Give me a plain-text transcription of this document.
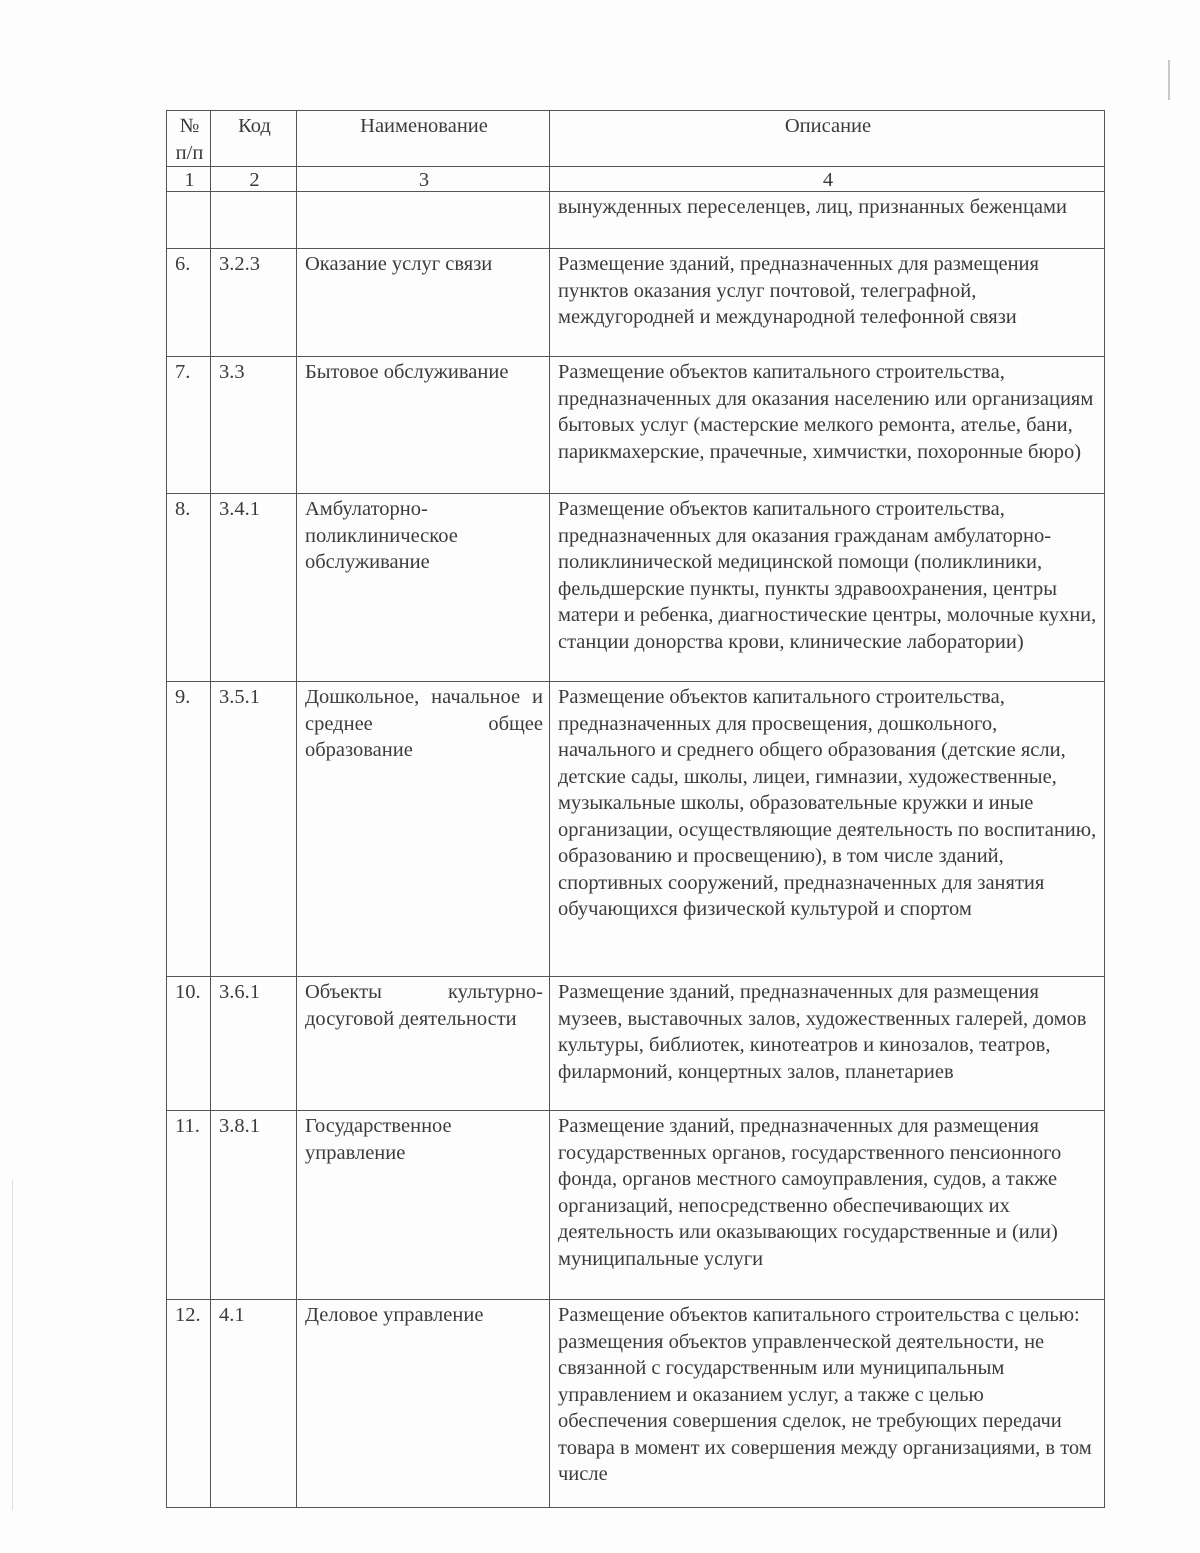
№ п/п	Код	Наименование	Описание
1	2	3	4
			вынужденных переселенцев, лиц, признанных беженцами
6.	3.2.3	Оказание услуг связи	Размещение зданий, предназначенных для размещения пунктов оказания услуг почтовой, телеграфной, междугородней и международной телефонной связи
7.	3.3	Бытовое обслуживание	Размещение объектов капитального строительства, предназначенных для оказания населению или организациям бытовых услуг (мастерские мелкого ремонта, ателье, бани, парикмахерские, прачечные, химчистки, похоронные бюро)
8.	3.4.1	Амбулаторно-поликлиническое обслуживание	Размещение объектов капитального строительства, предназначенных для оказания гражданам амбулаторно-поликлинической медицинской помощи (поликлиники, фельдшерские пункты, пункты здравоохранения, центры матери и ребенка, диагностические центры, молочные кухни, станции донорства крови, клинические лаборатории)
9.	3.5.1	Дошкольное, начальное и среднее общее образование	Размещение объектов капитального строительства, предназначенных для просвещения, дошкольного, начального и среднего общего образования (детские ясли, детские сады, школы, лицеи, гимназии, художественные, музыкальные школы, образовательные кружки и иные организации, осуществляющие деятельность по воспитанию, образованию и просвещению), в том числе зданий, спортивных сооружений, предназначенных для занятия обучающихся физической культурой и спортом
10.	3.6.1	Объекты культурно-досуговой деятельности	Размещение зданий, предназначенных для размещения музеев, выставочных залов, художественных галерей, домов культуры, библиотек, кинотеатров и кинозалов, театров, филармоний, концертных залов, планетариев
11.	3.8.1	Государственное управление	Размещение зданий, предназначенных для размещения государственных органов, государственного пенсионного фонда, органов местного самоуправления, судов, а также организаций, непосредственно обеспечивающих их деятельность или оказывающих государственные и (или) муниципальные услуги
12.	4.1	Деловое управление	Размещение объектов капитального строительства с целью: размещения объектов управленческой деятельности, не связанной с государственным или муниципальным управлением и оказанием услуг, а также с целью обеспечения совершения сделок, не требующих передачи товара в момент их совершения между организациями, в том числе
